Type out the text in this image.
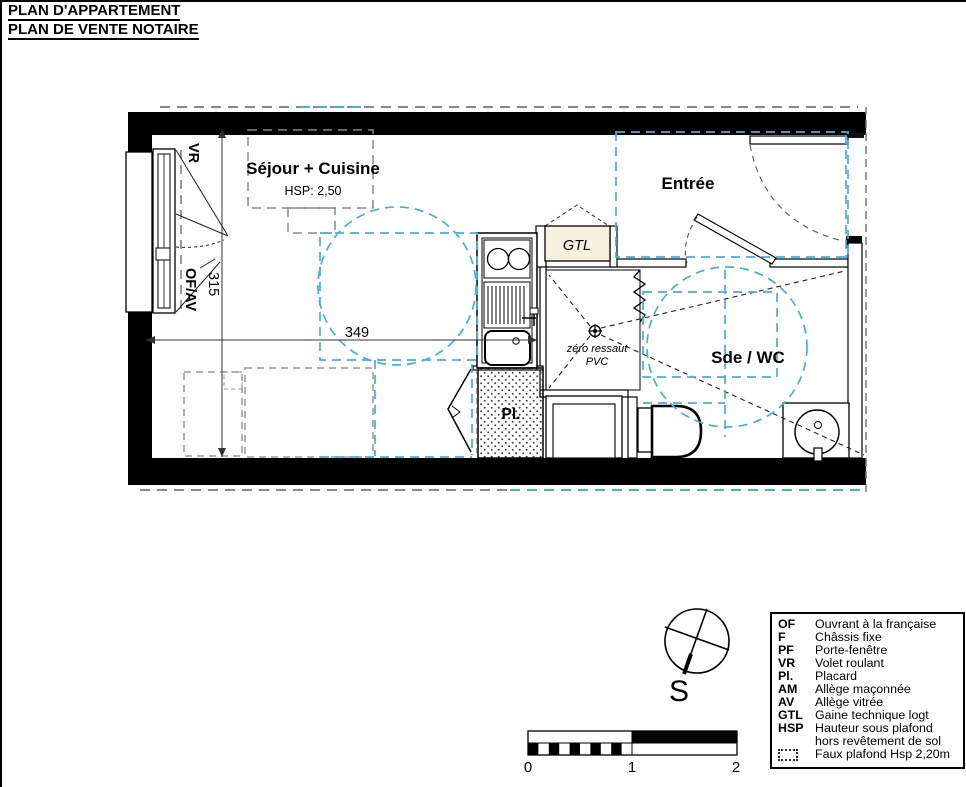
PLAN D'APPARTEMENT
PLAN DE VENTE NOTAIRE
GTL
349
315
Séjour + Cuisine
HSP: 2,50	Entrée
Sde / WC
Pl.
zéro ressaut
PVC
VR
OF/AV
S
0	1	2
OF	Ouvrant à la française
F	Châssis fixe
PF	Porte-fenêtre
VR	Volet roulant
Pl.	Placard
AM	Allège maçonnée
AV	Allège vitrée
GTL Gaine technique logt
HSP Hauteur sous plafond hors revêtement de sol
Faux plafond Hsp 2,20m
